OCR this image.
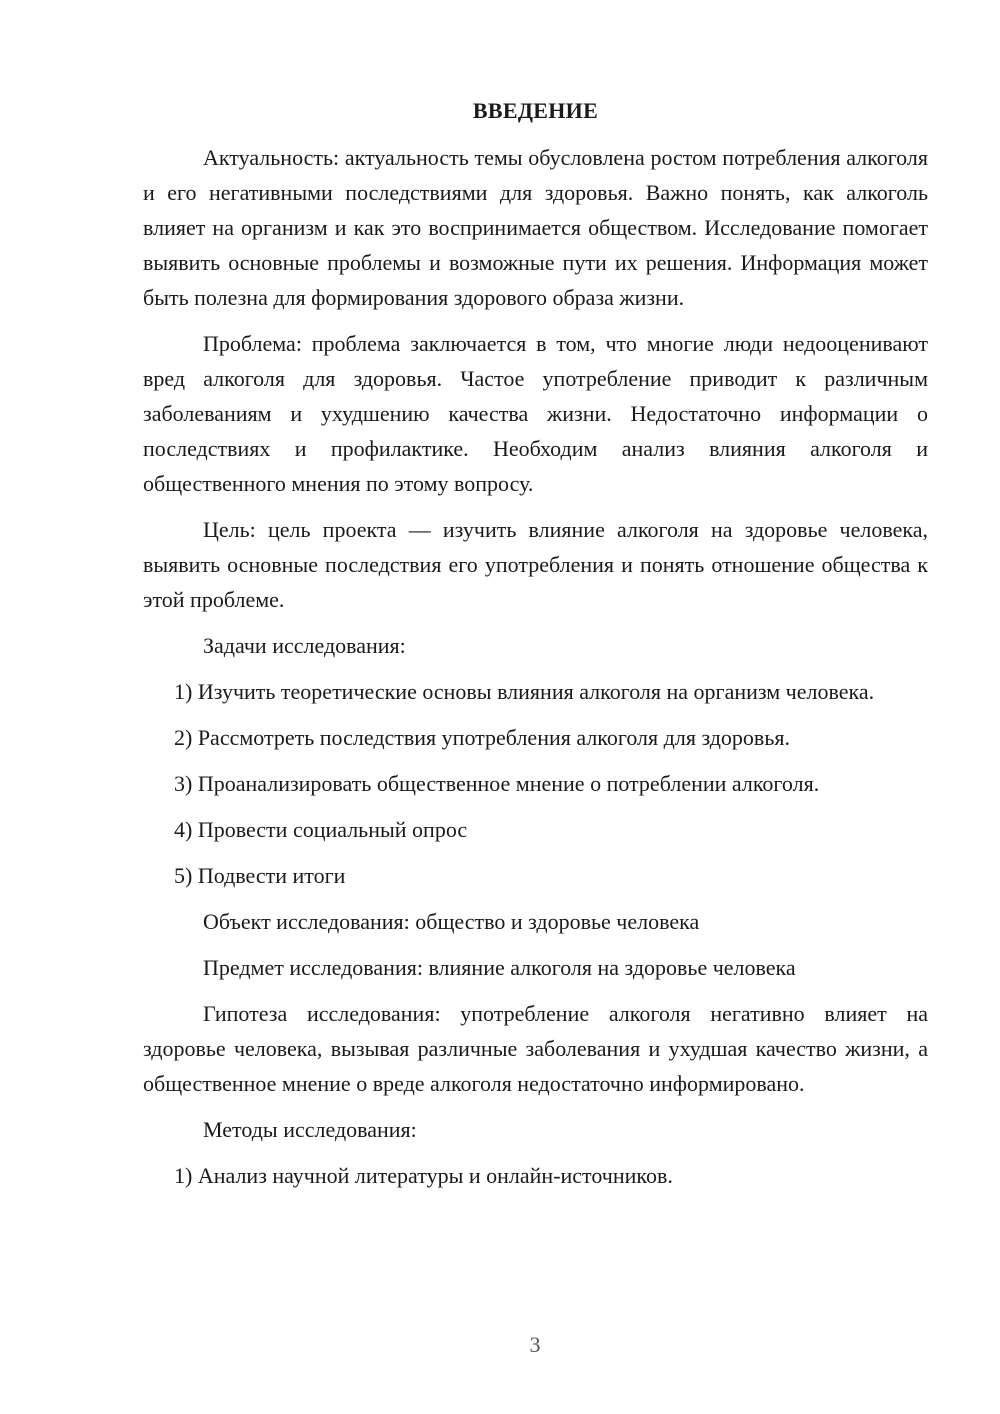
ВВЕДЕНИЕ

Актуальность: актуальность темы обусловлена ростом потребления алкоголя и его негативными последствиями для здоровья. Важно понять, как алкоголь влияет на организм и как это воспринимается обществом. Исследование помогает выявить основные проблемы и возможные пути их решения. Информация может быть полезна для формирования здорового образа жизни.

Проблема: проблема заключается в том, что многие люди недооценивают вред алкоголя для здоровья. Частое употребление приводит к различным заболеваниям и ухудшению качества жизни. Недостаточно информации о последствиях и профилактике. Необходим анализ влияния алкоголя и общественного мнения по этому вопросу.

Цель: цель проекта — изучить влияние алкоголя на здоровье человека, выявить основные последствия его употребления и понять отношение общества к этой проблеме.

Задачи исследования:

1) Изучить теоретические основы влияния алкоголя на организм человека.

2) Рассмотреть последствия употребления алкоголя для здоровья.

3) Проанализировать общественное мнение о потреблении алкоголя.

4) Провести социальный опрос

5) Подвести итоги

Объект исследования: общество и здоровье человека

Предмет исследования: влияние алкоголя на здоровье человека

Гипотеза исследования: употребление алкоголя негативно влияет на здоровье человека, вызывая различные заболевания и ухудшая качество жизни, а общественное мнение о вреде алкоголя недостаточно информировано.

Методы исследования:

1) Анализ научной литературы и онлайн-источников.

3
